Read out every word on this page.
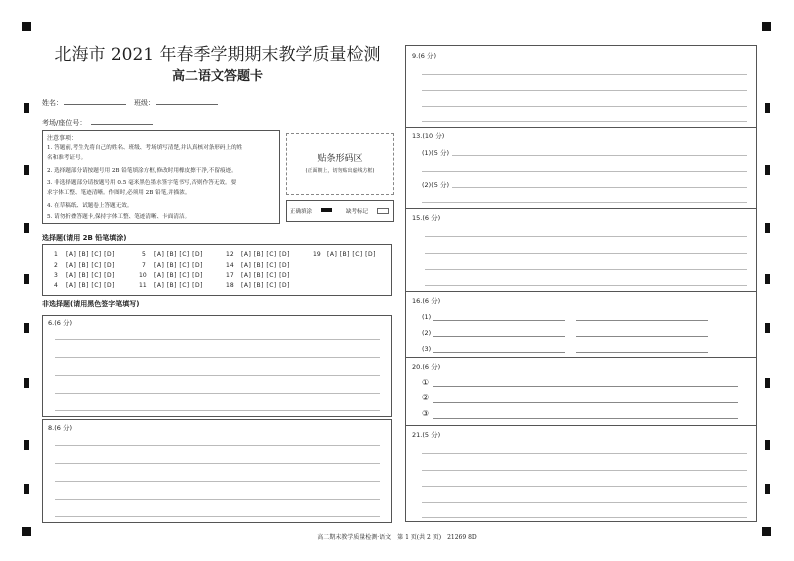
北海市 2021 年春季学期期末教学质量检测
高二语文答题卡
姓名：	班级：
考场/座位号：
注意事项：
1. 答题前,考生先将自己的姓名、班级、考场填写清楚,并认真核对条形码上的姓
名和准考证号。
2. 选择题部分请按题号用 2B 铅笔填涂方框,修改时用橡皮擦干净,不留痕迹。
3. 非选择题部分请按题号用 0.5 毫米黑色墨水签字笔书写,否则作答无效。要
求字体工整、笔迹清晰。作图时,必须用 2B 铅笔,并描浓。
4. 在草稿纸、试题卷上答题无效。
5. 请勿折叠答题卡,保持字体工整、笔迹清晰、卡面清洁。
贴条形码区
(正面朝上，切勿贴出虚线方框)
正确填涂	缺考标记
选择题(请用 2B 铅笔填涂)
1 [A] [B] [C] [D]
2 [A] [B] [C] [D]
3 [A] [B] [C] [D]
4 [A] [B] [C] [D]
5 [A] [B] [C] [D]
7 [A] [B] [C] [D]
10 [A] [B] [C] [D]
11 [A] [B] [C] [D]
12 [A] [B] [C] [D]
14 [A] [B] [C] [D]
17 [A] [B] [C] [D]
18 [A] [B] [C] [D]
19 [A] [B] [C] [D]
非选择题(请用黑色签字笔填写)
6.(6 分)
8.(6 分)
9.(6 分)
13.(10 分)
(1)(5 分)
(2)(5 分)
15.(6 分)
16.(6 分)
(1)
(2)
(3)
20.(6 分)
①
②
③
21.(5 分)
高二期末教学质量检测·语文　第 1 页(共 2 页)　21269 8D
